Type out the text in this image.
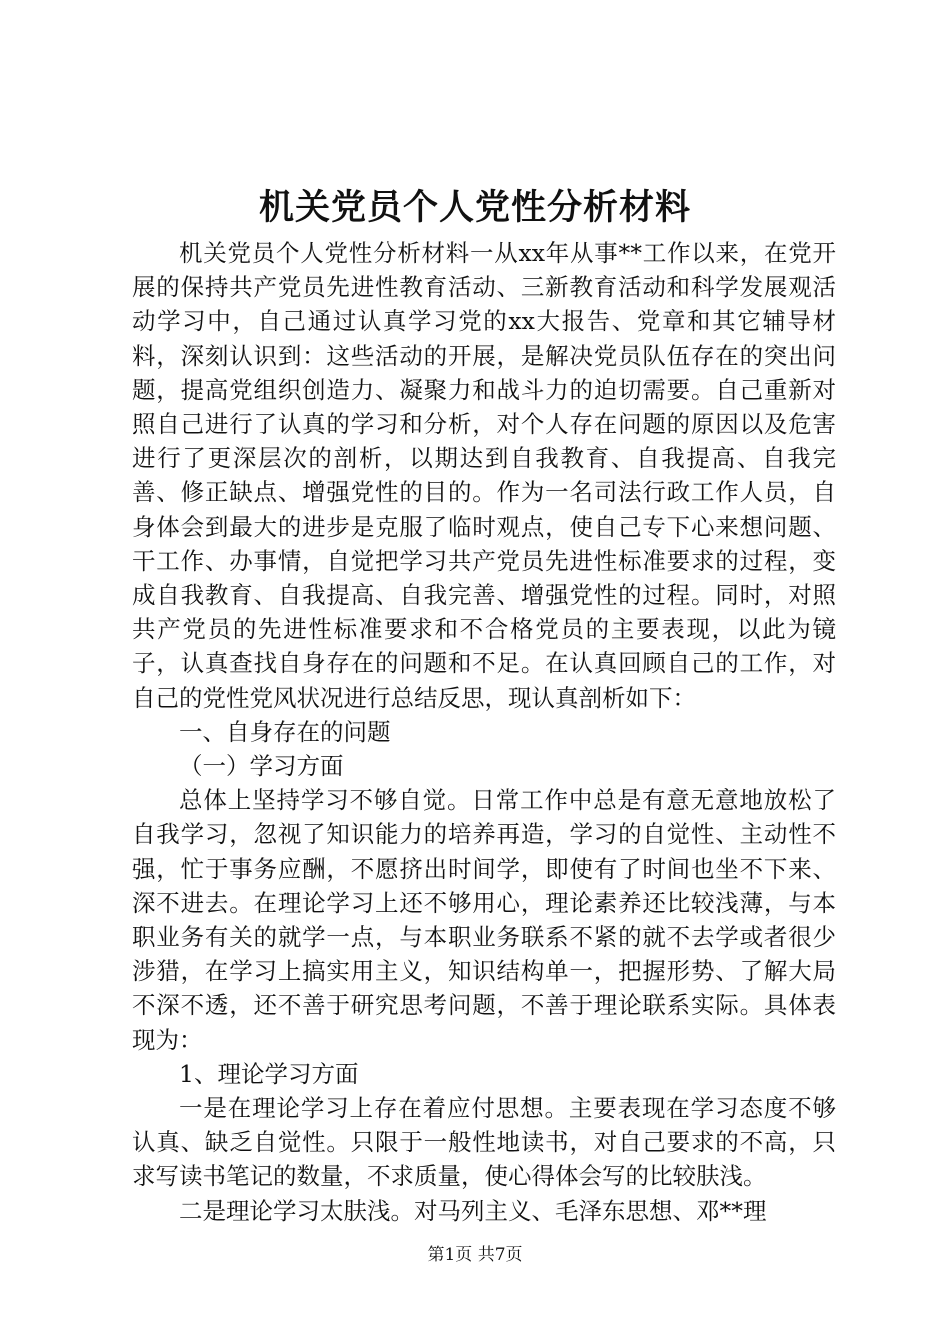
机关党员个人党性分析材料

机关党员个人党性分析材料一从xx年从事**工作以来，在党开展的保持共产党员先进性教育活动、三新教育活动和科学发展观活动学习中，自己通过认真学习党的xx大报告、党章和其它辅导材料，深刻认识到：这些活动的开展，是解决党员队伍存在的突出问题，提高党组织创造力、凝聚力和战斗力的迫切需要。自己重新对照自己进行了认真的学习和分析，对个人存在问题的原因以及危害进行了更深层次的剖析，以期达到自我教育、自我提高、自我完善、修正缺点、增强党性的目的。作为一名司法行政工作人员，自身体会到最大的进步是克服了临时观点，使自己专下心来想问题、干工作、办事情，自觉把学习共产党员先进性标准要求的过程，变成自我教育、自我提高、自我完善、增强党性的过程。同时，对照共产党员的先进性标准要求和不合格党员的主要表现，以此为镜子，认真查找自身存在的问题和不足。在认真回顾自己的工作，对自己的党性党风状况进行总结反思，现认真剖析如下：

一、自身存在的问题

（一）学习方面

总体上坚持学习不够自觉。日常工作中总是有意无意地放松了自我学习，忽视了知识能力的培养再造，学习的自觉性、主动性不强，忙于事务应酬，不愿挤出时间学，即使有了时间也坐不下来、深不进去。在理论学习上还不够用心，理论素养还比较浅薄，与本职业务有关的就学一点，与本职业务联系不紧的就不去学或者很少涉猎，在学习上搞实用主义，知识结构单一，把握形势、了解大局不深不透，还不善于研究思考问题，不善于理论联系实际。具体表现为：

1、理论学习方面

一是在理论学习上存在着应付思想。主要表现在学习态度不够认真、缺乏自觉性。只限于一般性地读书，对自己要求的不高，只求写读书笔记的数量，不求质量，使心得体会写的比较肤浅。

二是理论学习太肤浅。对马列主义、毛泽东思想、邓**理

第1页 共7页
